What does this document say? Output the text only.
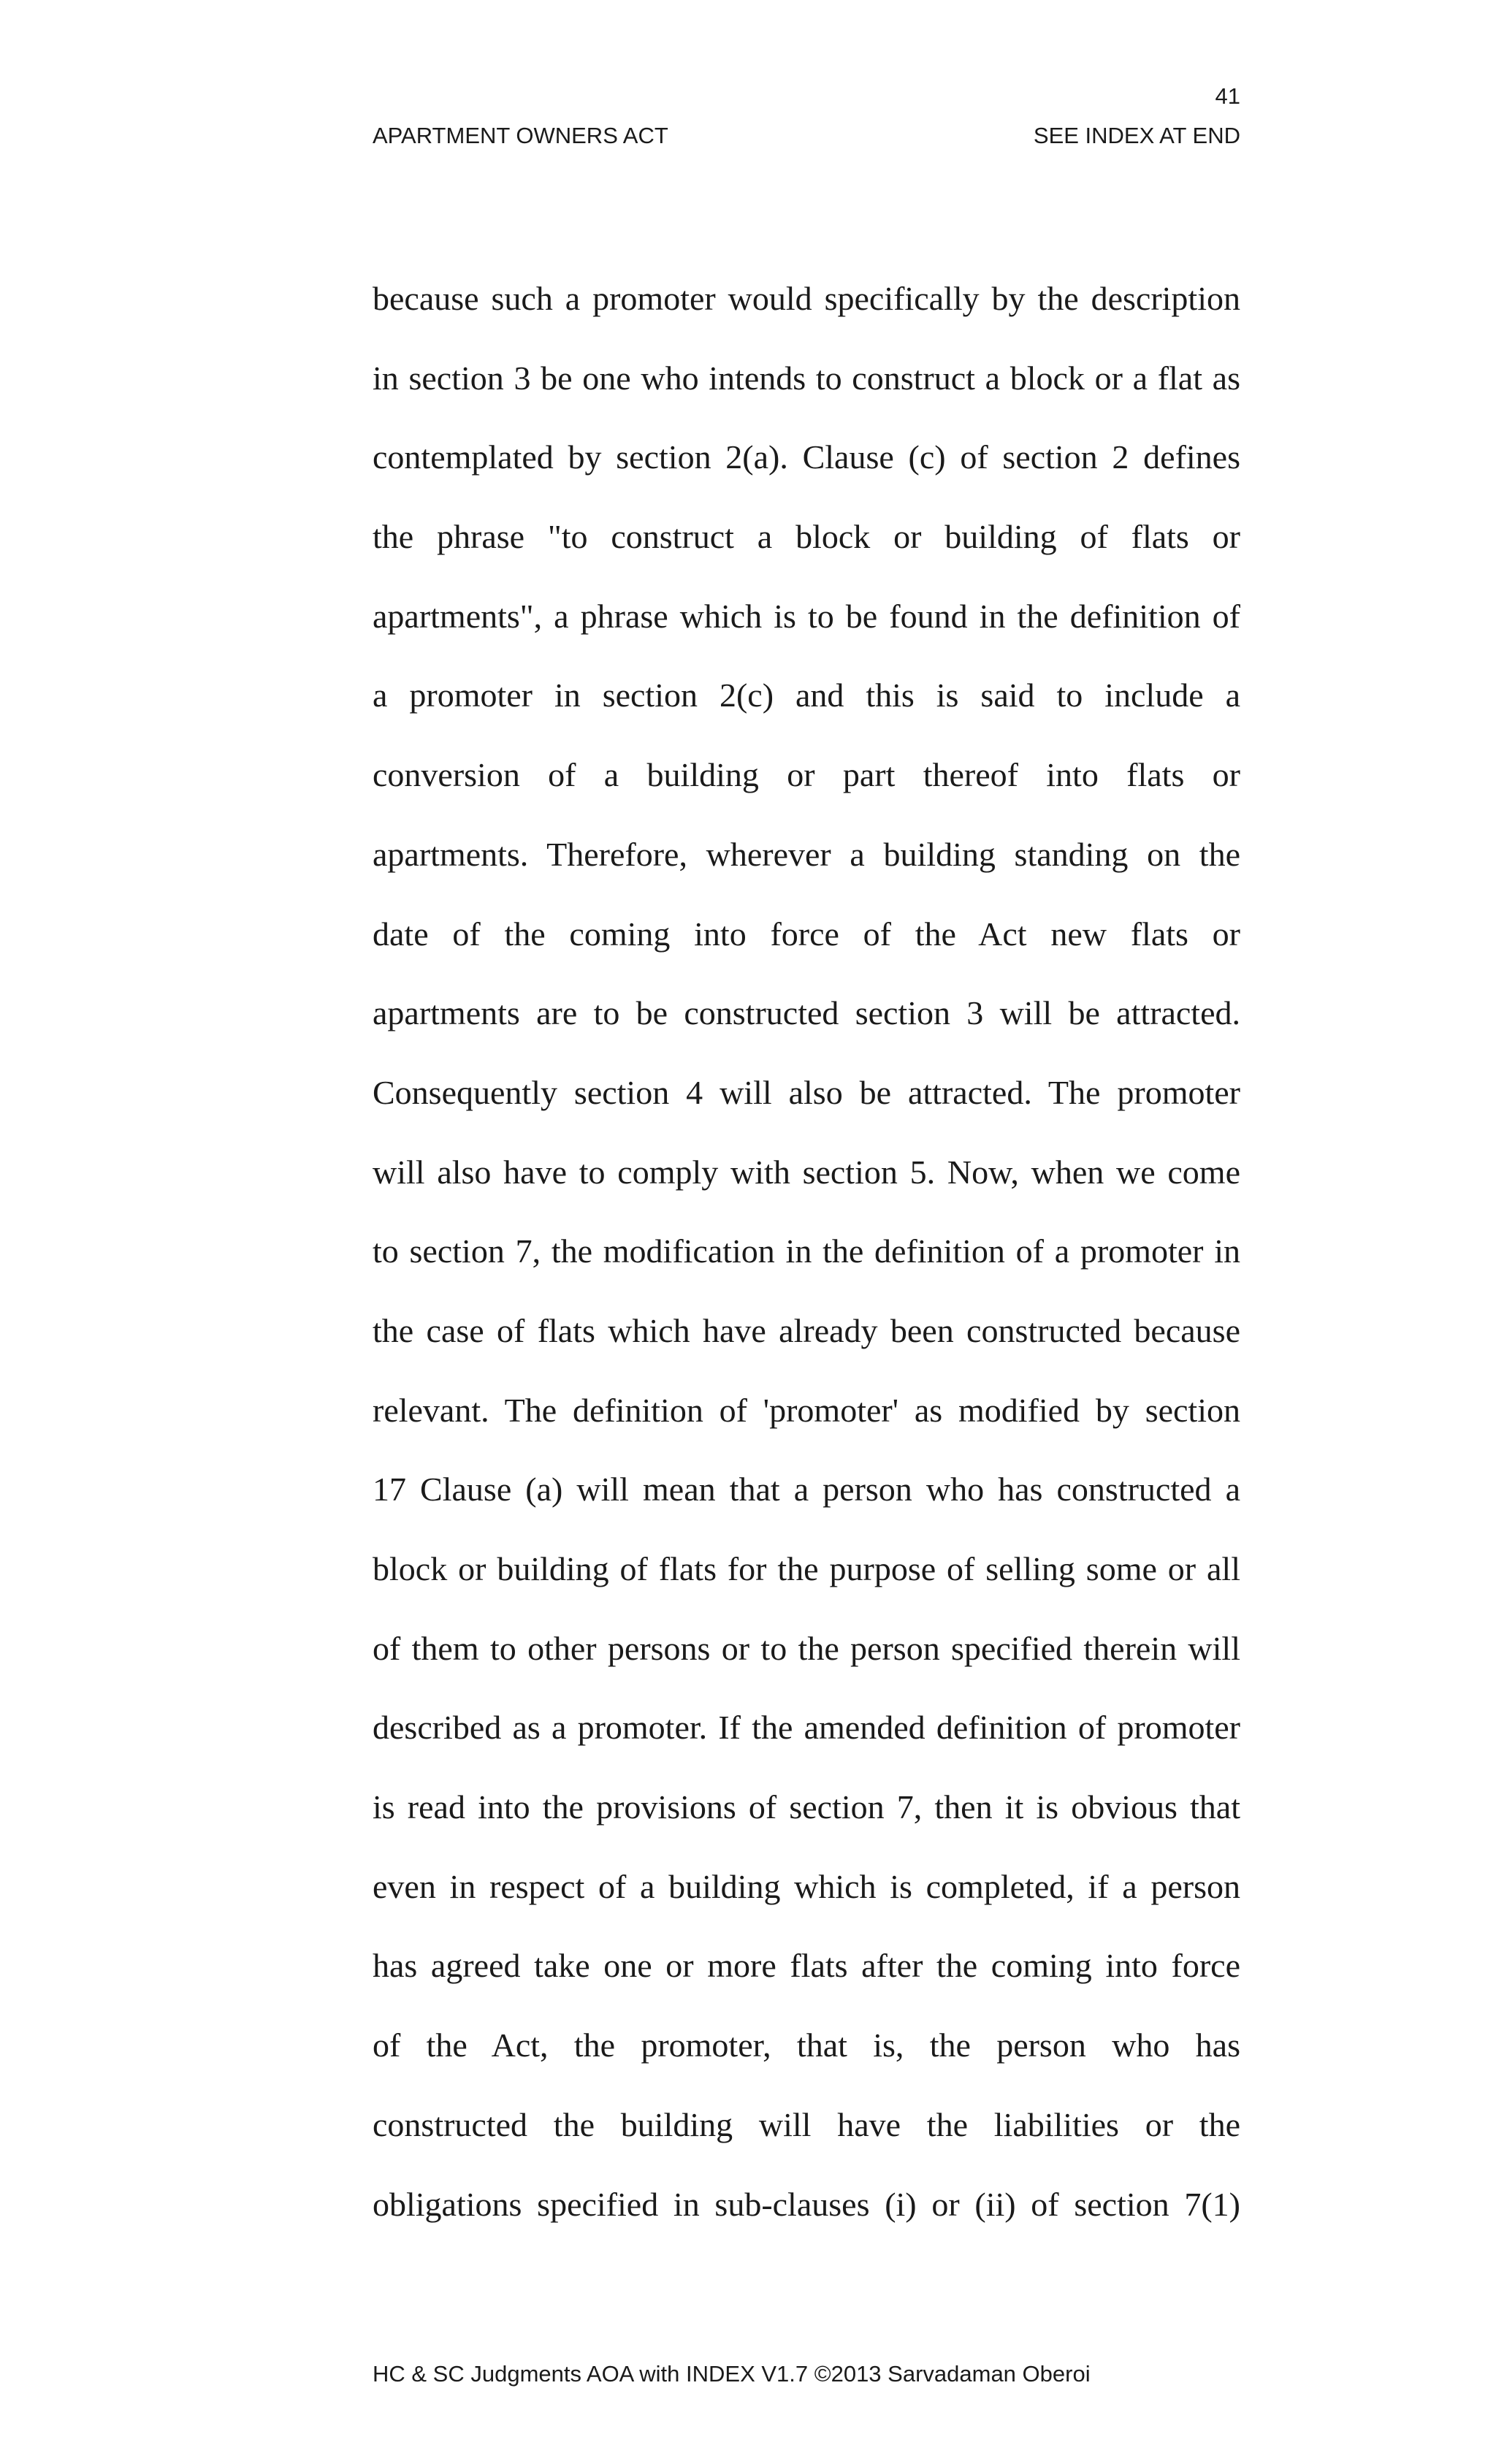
41
APARTMENT OWNERS ACT	SEE INDEX AT END
because such a promoter would specifically by the description
in section 3 be one who intends to construct a block or a flat as
contemplated by section 2(a). Clause (c) of section 2 defines
the phrase "to construct a block or building of flats or
apartments", a phrase which is to be found in the definition of
a promoter in section 2(c) and this is said to include a
conversion of a building or part thereof into flats or
apartments. Therefore, wherever a building standing on the
date of the coming into force of the Act new flats or
apartments are to be constructed section 3 will be attracted.
Consequently section 4 will also be attracted. The promoter
will also have to comply with section 5. Now, when we come
to section 7, the modification in the definition of a promoter in
the case of flats which have already been constructed because
relevant. The definition of 'promoter' as modified by section
17 Clause (a) will mean that a person who has constructed a
block or building of flats for the purpose of selling some or all
of them to other persons or to the person specified therein will
described as a promoter. If the amended definition of promoter
is read into the provisions of section 7, then it is obvious that
even in respect of a building which is completed, if a person
has agreed take one or more flats after the coming into force
of the Act, the promoter, that is, the person who has
constructed the building will have the liabilities or the
obligations specified in sub-clauses (i) or (ii) of section 7(1)
HC & SC Judgments AOA with INDEX V1.7 ©2013 Sarvadaman Oberoi
